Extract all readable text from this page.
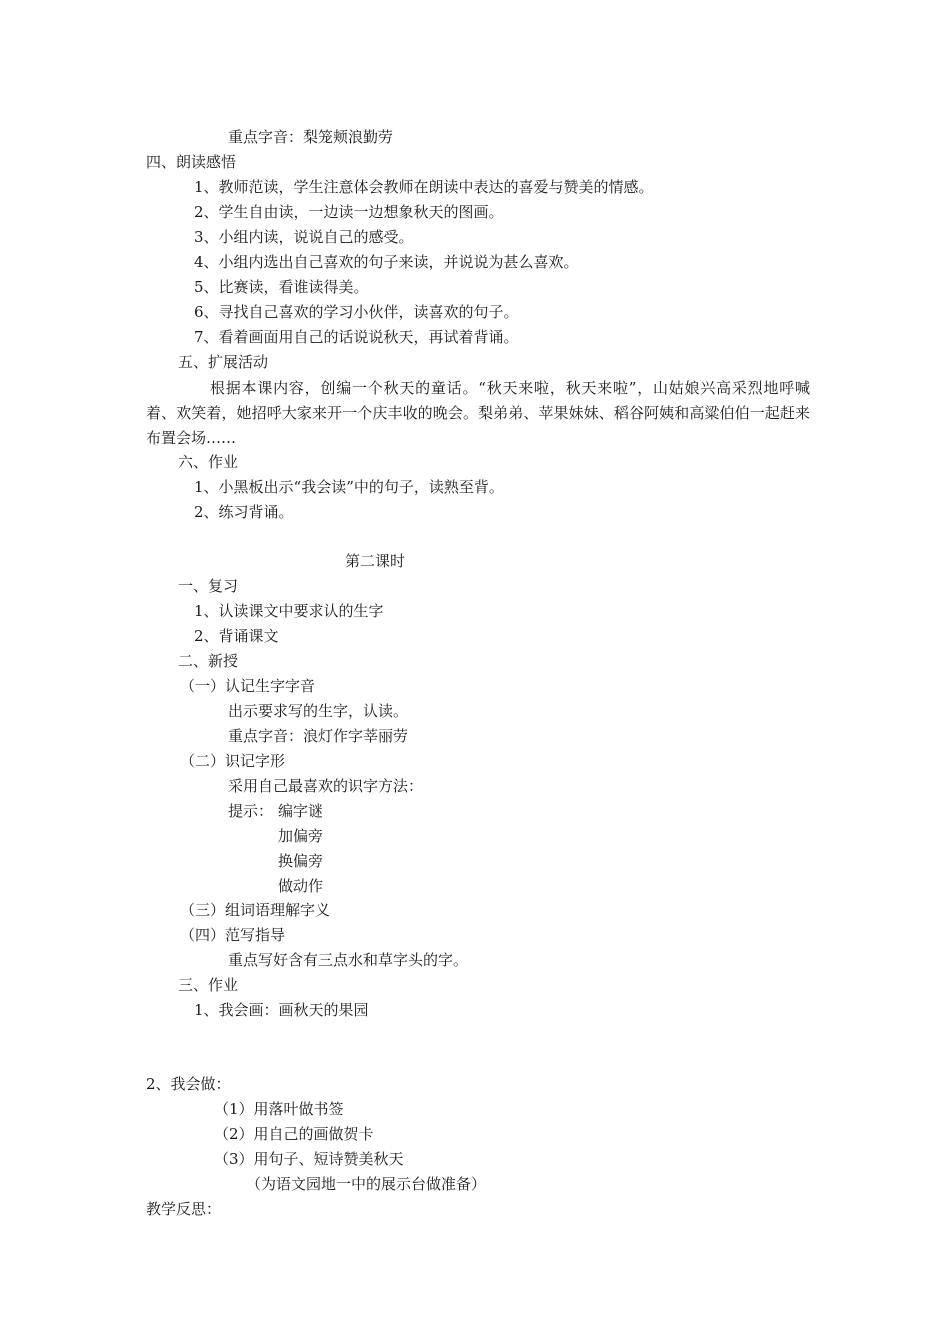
重点字音：梨笼颊浪勤劳
四、朗读感悟
1、教师范读，学生注意体会教师在朗读中表达的喜爱与赞美的情感。
2、学生自由读，一边读一边想象秋天的图画。
3、小组内读，说说自己的感受。
4、小组内选出自己喜欢的句子来读，并说说为甚么喜欢。
5、比赛读，看谁读得美。
6、寻找自己喜欢的学习小伙伴，读喜欢的句子。
7、看着画面用自己的话说说秋天，再试着背诵。
五、扩展活动
根据本课内容，创编一个秋天的童话。“秋天来啦，秋天来啦”，山姑娘兴高采烈地呼喊着、欢笑着，她招呼大家来开一个庆丰收的晚会。梨弟弟、苹果妹妹、稻谷阿姨和高粱伯伯一起赶来布置会场……
六、作业
1、小黑板出示“我会读”中的句子，读熟至背。
2、练习背诵。
第二课时
一、复习
1、认读课文中要求认的生字
2、背诵课文
二、新授
（一）认记生字字音
出示要求写的生字，认读。
重点字音：浪灯作字莘丽劳
（二）识记字形
采用自己最喜欢的识字方法：
提示： 编字谜
加偏旁
换偏旁
做动作
（三）组词语理解字义
（四）范写指导
重点写好含有三点水和草字头的字。
三、作业
1、我会画：画秋天的果园
2、我会做：
（1）用落叶做书签
（2）用自己的画做贺卡
（3）用句子、短诗赞美秋天
（为语文园地一中的展示台做准备）
教学反思：
